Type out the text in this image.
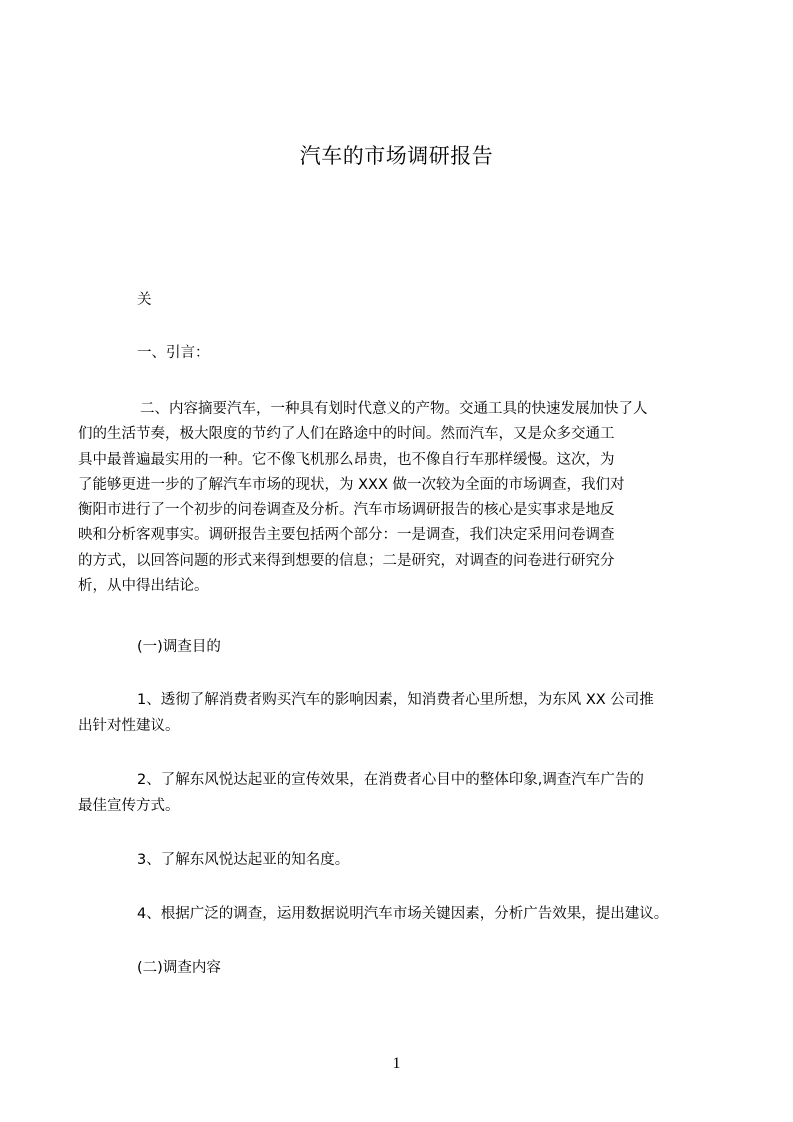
汽车的市场调研报告
关
一、引言：
二、内容摘要汽车，一种具有划时代意义的产物。交通工具的快速发展加快了人
们的生活节奏，极大限度的节约了人们在路途中的时间。然而汽车，又是众多交通工
具中最普遍最实用的一种。它不像飞机那么昂贵，也不像自行车那样缓慢。这次，为
了能够更进一步的了解汽车市场的现状，为 XXX 做一次较为全面的市场调查，我们对
衡阳市进行了一个初步的问卷调查及分析。汽车市场调研报告的核心是实事求是地反
映和分析客观事实。调研报告主要包括两个部分：一是调查，我们决定采用问卷调查
的方式，以回答问题的形式来得到想要的信息；二是研究，对调查的问卷进行研究分
析，从中得出结论。
(一)调查目的
1、透彻了解消费者购买汽车的影响因素，知消费者心里所想，为东风 XX 公司推
出针对性建议。
2、了解东风悦达起亚的宣传效果，在消费者心目中的整体印象,调查汽车广告的
最佳宣传方式。
3、了解东风悦达起亚的知名度。
4、根据广泛的调查，运用数据说明汽车市场关键因素，分析广告效果，提出建议。
(二)调查内容
1
